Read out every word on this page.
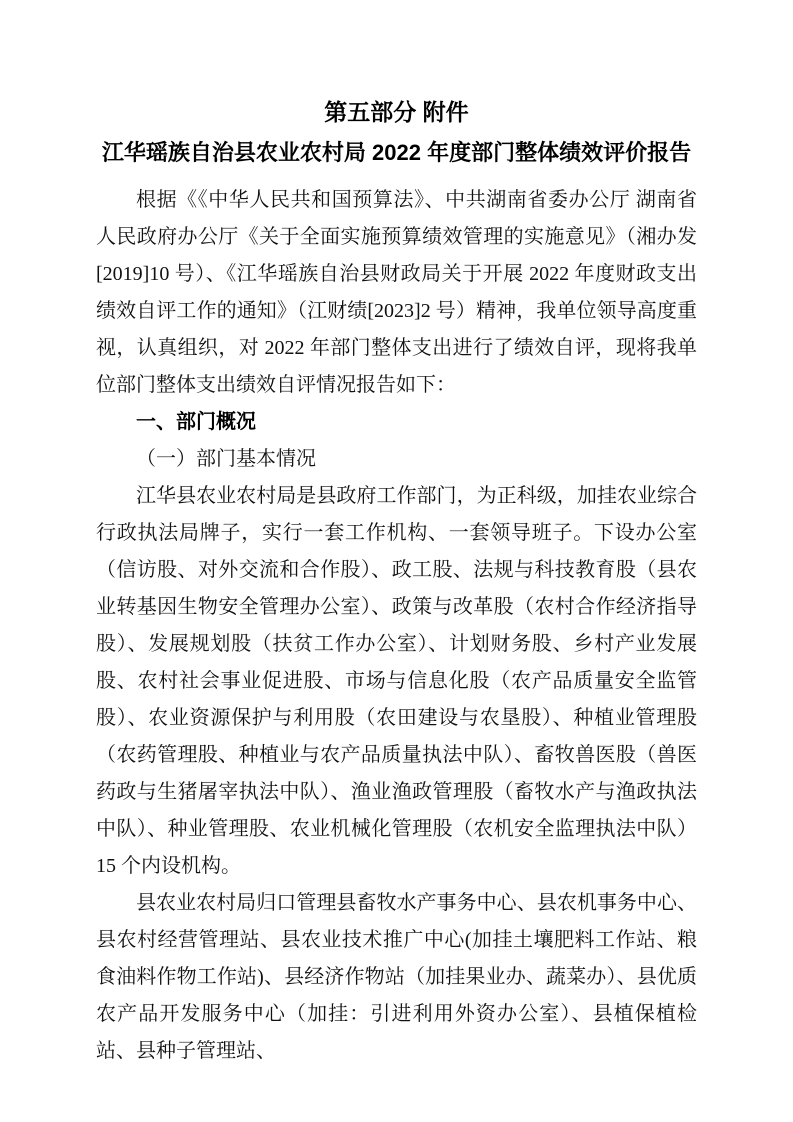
第五部分 附件
江华瑶族自治县农业农村局 2022 年度部门整体绩效评价报告

根据《《中华人民共和国预算法》、中共湖南省委办公厅 湖南省人民政府办公厅《关于全面实施预算绩效管理的实施意见》（湘办发[2019]10 号）、《江华瑶族自治县财政局关于开展 2022 年度财政支出绩效自评工作的通知》（江财绩[2023]2 号）精神，我单位领导高度重视，认真组织，对 2022 年部门整体支出进行了绩效自评，现将我单位部门整体支出绩效自评情况报告如下：

一、部门概况

（一）部门基本情况

江华县农业农村局是县政府工作部门，为正科级，加挂农业综合行政执法局牌子，实行一套工作机构、一套领导班子。下设办公室（信访股、对外交流和合作股）、政工股、法规与科技教育股（县农业转基因生物安全管理办公室）、政策与改革股（农村合作经济指导股）、发展规划股（扶贫工作办公室）、计划财务股、乡村产业发展股、农村社会事业促进股、市场与信息化股（农产品质量安全监管股）、农业资源保护与利用股（农田建设与农垦股）、种植业管理股（农药管理股、种植业与农产品质量执法中队）、畜牧兽医股（兽医药政与生猪屠宰执法中队）、渔业渔政管理股（畜牧水产与渔政执法中队）、种业管理股、农业机械化管理股（农机安全监理执法中队）15 个内设机构。

县农业农村局归口管理县畜牧水产事务中心、县农机事务中心、县农村经营管理站、县农业技术推广中心(加挂土壤肥料工作站、粮食油料作物工作站)、县经济作物站（加挂果业办、蔬菜办）、县优质农产品开发服务中心（加挂：引进利用外资办公室）、县植保植检站、县种子管理站、
